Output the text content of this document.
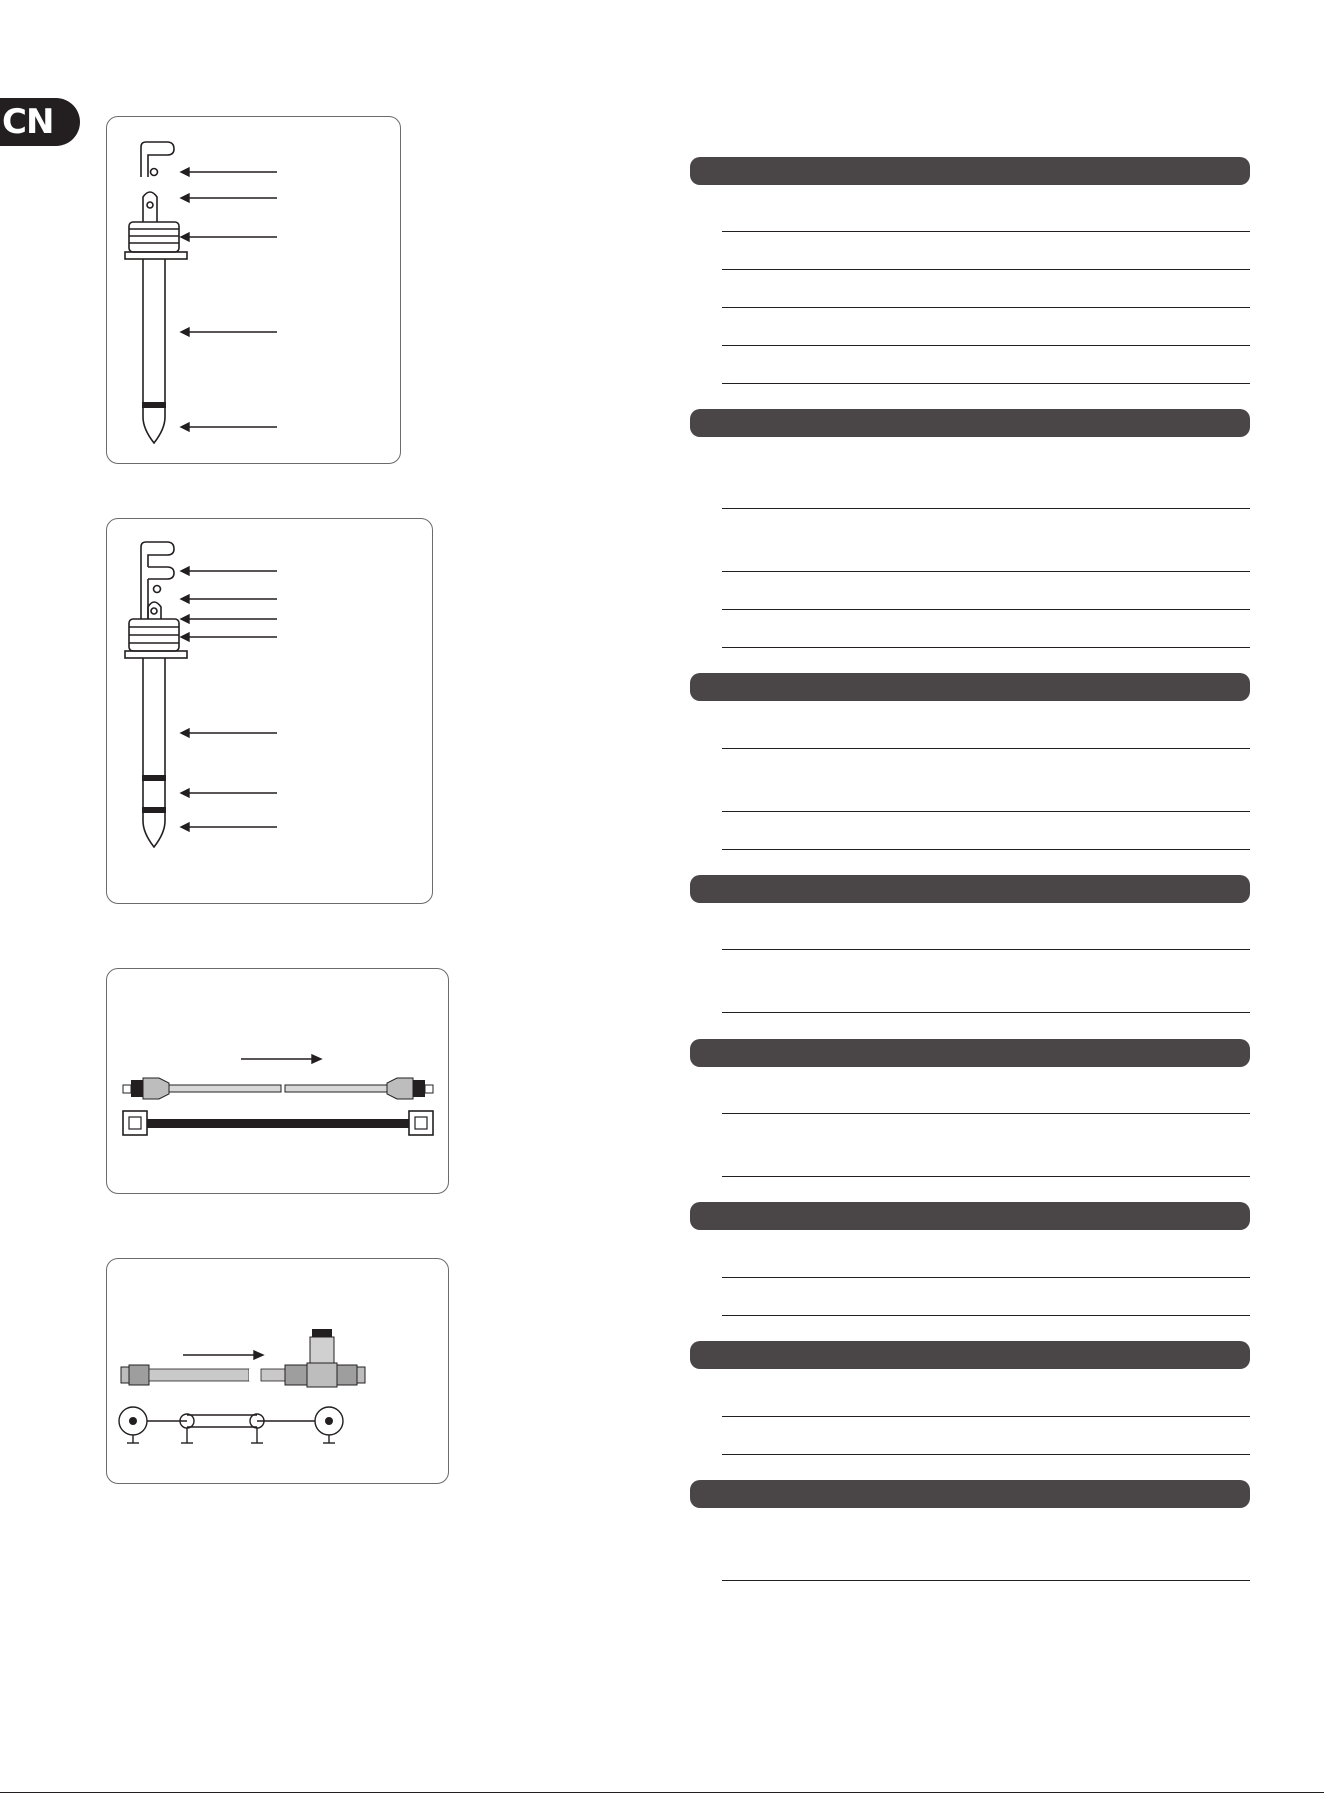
CN
